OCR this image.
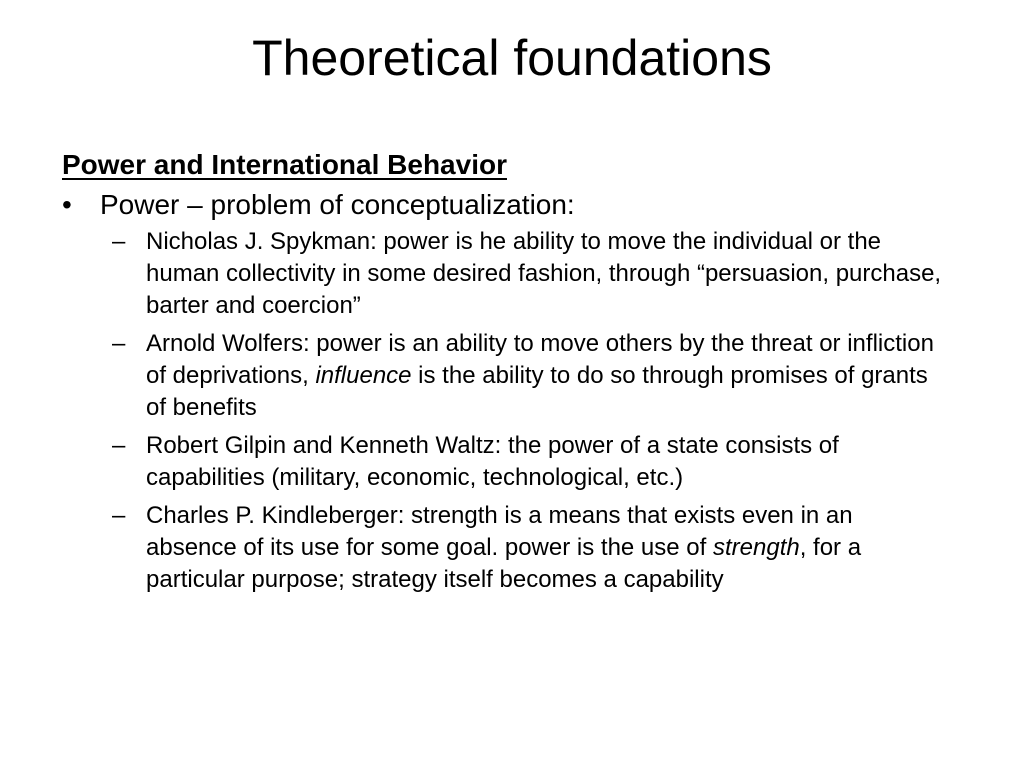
Theoretical foundations
Power and International Behavior
• Power – problem of conceptualization:
– Nicholas J. Spykman: power is he ability to move the individual or the human collectivity in some desired fashion, through “persuasion, purchase, barter and coercion”
– Arnold Wolfers: power is an ability to move others by the threat or infliction of deprivations, influence is the ability to do so through promises of grants of benefits
– Robert Gilpin and Kenneth Waltz: the power of a state consists of capabilities (military, economic, technological, etc.)
– Charles P. Kindleberger: strength is a means that exists even in an absence of its use for some goal. power is the use of strength, for a particular purpose; strategy itself becomes a capability
